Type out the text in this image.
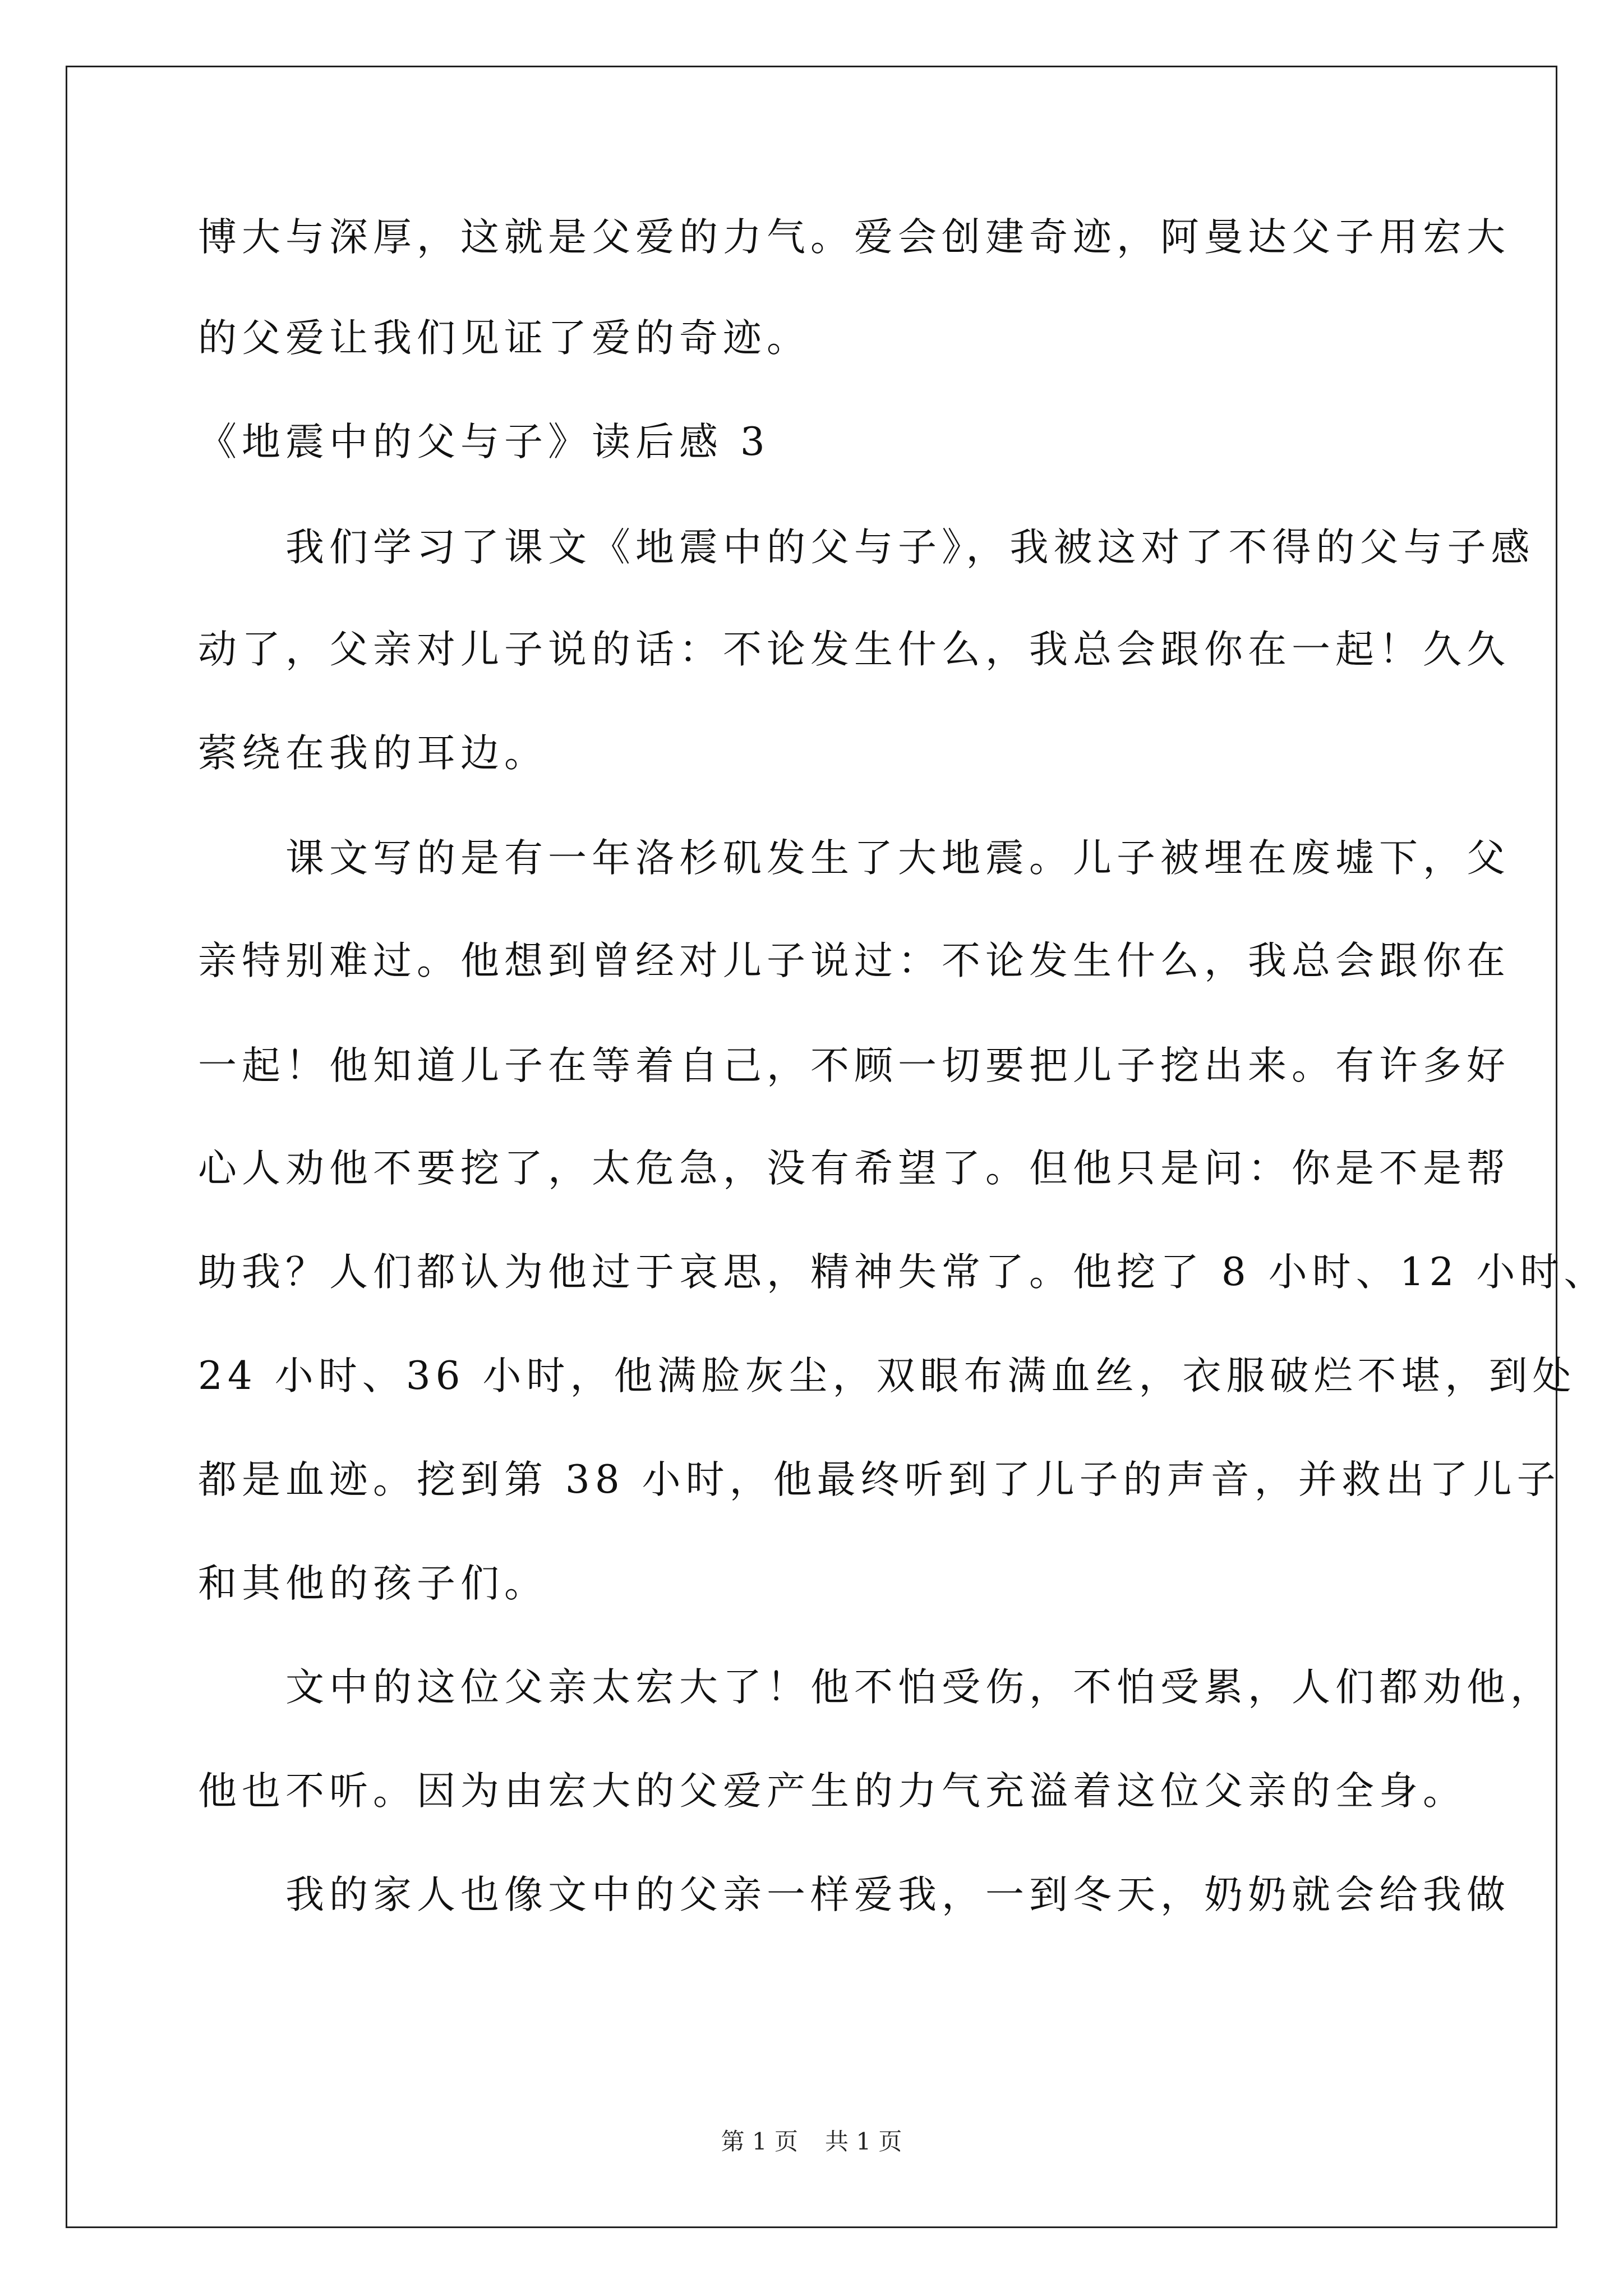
博大与深厚，这就是父爱的力气。爱会创建奇迹，阿曼达父子用宏大
的父爱让我们见证了爱的奇迹。
《地震中的父与子》读后感 3
　　我们学习了课文《地震中的父与子》，我被这对了不得的父与子感
动了，父亲对儿子说的话：不论发生什么，我总会跟你在一起！久久
萦绕在我的耳边。
　　课文写的是有一年洛杉矶发生了大地震。儿子被埋在废墟下，父
亲特别难过。他想到曾经对儿子说过：不论发生什么，我总会跟你在
一起！他知道儿子在等着自己，不顾一切要把儿子挖出来。有许多好
心人劝他不要挖了，太危急，没有希望了。但他只是问：你是不是帮
助我？人们都认为他过于哀思，精神失常了。他挖了 8 小时、12 小时、
24 小时、36 小时，他满脸灰尘，双眼布满血丝，衣服破烂不堪，到处
都是血迹。挖到第 38 小时，他最终听到了儿子的声音，并救出了儿子
和其他的孩子们。
　　文中的这位父亲太宏大了！他不怕受伤，不怕受累，人们都劝他，
他也不听。因为由宏大的父爱产生的力气充溢着这位父亲的全身。
　　我的家人也像文中的父亲一样爱我，一到冬天，奶奶就会给我做
第 1 页 共 1 页
